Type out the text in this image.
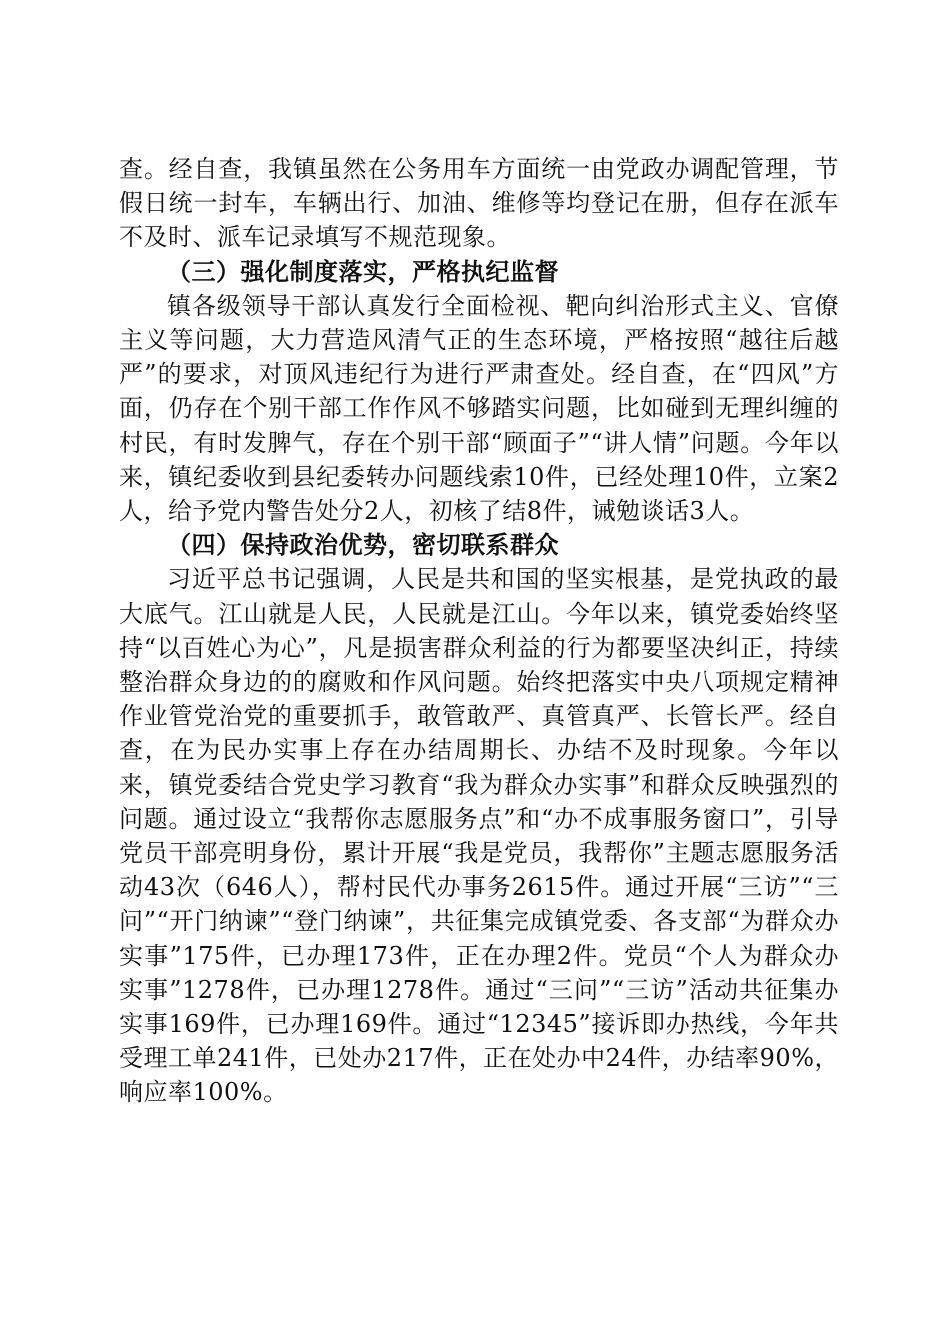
查。经自查，我镇虽然在公务用车方面统一由党政办调配管理，节假日统一封车，车辆出行、加油、维修等均登记在册，但存在派车不及时、派车记录填写不规范现象。

（三）强化制度落实，严格执纪监督

镇各级领导干部认真发行全面检视、靶向纠治形式主义、官僚主义等问题，大力营造风清气正的生态环境，严格按照“越往后越严”的要求，对顶风违纪行为进行严肃查处。经自查，在“四风”方面，仍存在个别干部工作作风不够踏实问题，比如碰到无理纠缠的村民，有时发脾气，存在个别干部“顾面子”“讲人情”问题。今年以来，镇纪委收到县纪委转办问题线索10件，已经处理10件，立案2人，给予党内警告处分2人，初核了结8件，诫勉谈话3人。

（四）保持政治优势，密切联系群众

习近平总书记强调，人民是共和国的坚实根基，是党执政的最大底气。江山就是人民，人民就是江山。今年以来，镇党委始终坚持“以百姓心为心”，凡是损害群众利益的行为都要坚决纠正，持续整治群众身边的的腐败和作风问题。始终把落实中央八项规定精神作业管党治党的重要抓手，敢管敢严、真管真严、长管长严。经自查，在为民办实事上存在办结周期长、办结不及时现象。今年以来，镇党委结合党史学习教育“我为群众办实事”和群众反映强烈的问题。通过设立“我帮你志愿服务点”和“办不成事服务窗口”，引导党员干部亮明身份，累计开展“我是党员，我帮你”主题志愿服务活动43次（646人），帮村民代办事务2615件。通过开展“三访”“三问”“开门纳谏”“登门纳谏”，共征集完成镇党委、各支部“为群众办实事”175件，已办理173件，正在办理2件。党员“个人为群众办实事”1278件，已办理1278件。通过“三问”“三访”活动共征集办实事169件，已办理169件。通过“12345”接诉即办热线，今年共受理工单241件，已处办217件，正在处办中24件，办结率90%，响应率100%。
